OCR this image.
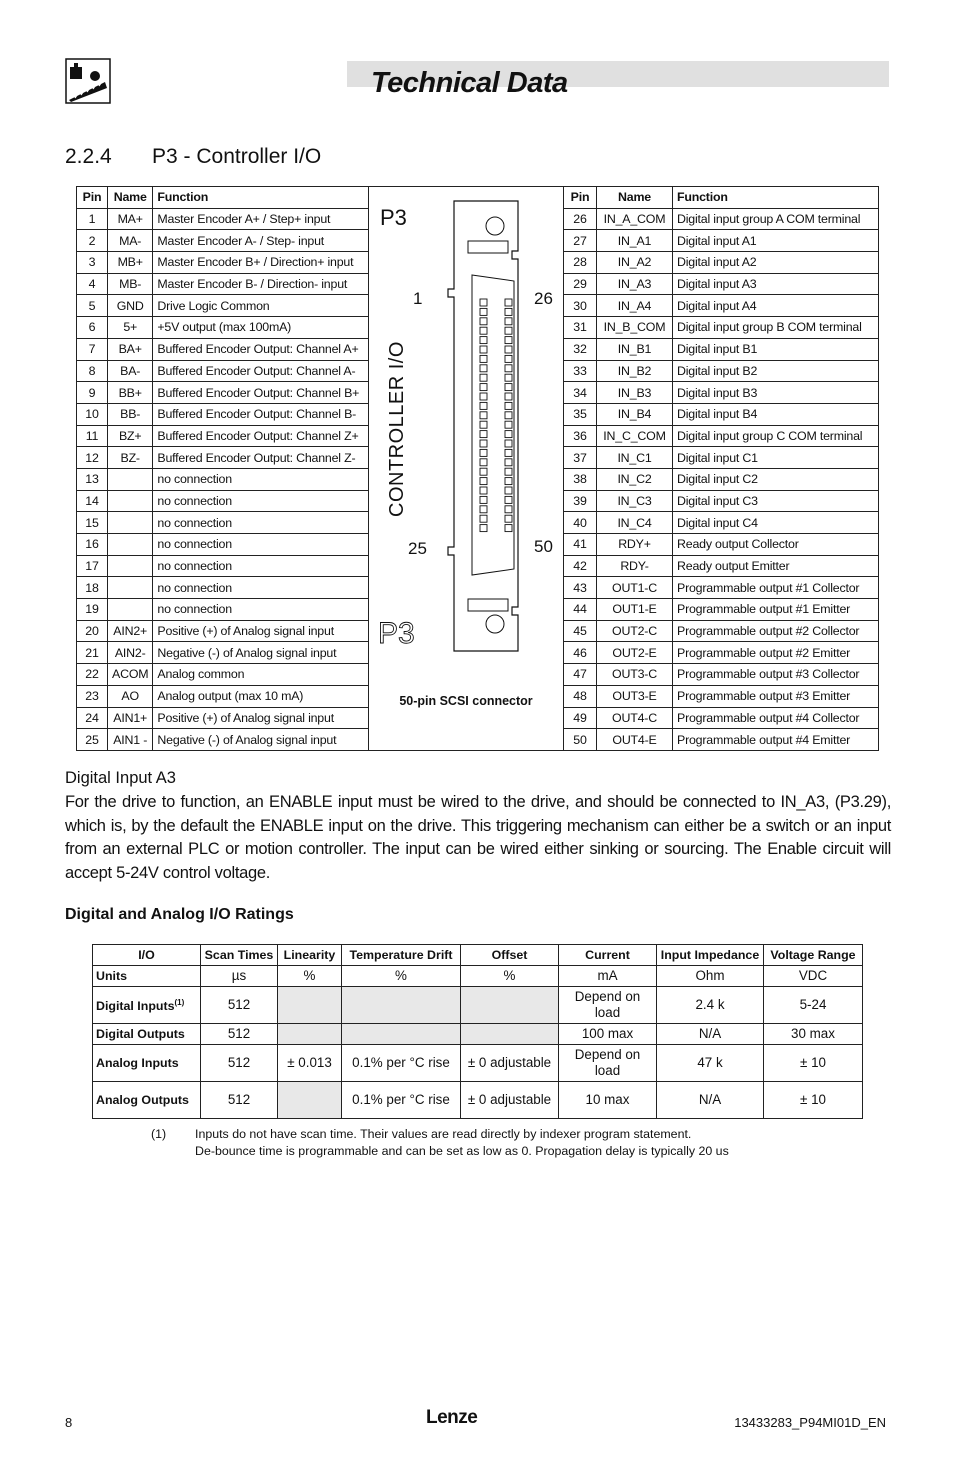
Technical Data
2.2.4 P3 - Controller I/O
Pin	Name	Function
1	MA+	Master Encoder A+ / Step+ input
2	MA-	Master Encoder A- / Step- input
3	MB+	Master Encoder B+ / Direction+ input
4	MB-	Master Encoder B- / Direction- input
5	GND	Drive Logic Common
6	5+	+5V output (max 100mA)
7	BA+	Buffered Encoder Output: Channel A+
8	BA-	Buffered Encoder Output: Channel A-
9	BB+	Buffered Encoder Output: Channel B+
10	BB-	Buffered Encoder Output: Channel B-
11	BZ+	Buffered Encoder Output: Channel Z+
12	BZ-	Buffered Encoder Output: Channel Z-
13		no connection
14		no connection
15		no connection
16		no connection
17		no connection
18		no connection
19		no connection
20	AIN2+	Positive (+) of Analog signal input
21	AIN2-	Negative (-) of Analog signal input
22	ACOM	Analog common
23	AO	Analog output (max 10 mA)
24	AIN1+	Positive (+) of Analog signal input
25	AIN1 -	Negative (-) of Analog signal input
P3
1	26
25	50
CONTROLLER I/O
P3
50-pin SCSI connector
Pin	Name	Function
26	IN_A_COM	Digital input group A COM terminal
27	IN_A1	Digital input A1
28	IN_A2	Digital input A2
29	IN_A3	Digital input A3
30	IN_A4	Digital input A4
31	IN_B_COM	Digital input group B COM terminal
32	IN_B1	Digital input B1
33	IN_B2	Digital input B2
34	IN_B3	Digital input B3
35	IN_B4	Digital input B4
36	IN_C_COM	Digital input group C COM terminal
37	IN_C1	Digital input C1
38	IN_C2	Digital input C2
39	IN_C3	Digital input C3
40	IN_C4	Digital input C4
41	RDY+	Ready output Collector
42	RDY-	Ready output Emitter
43	OUT1-C	Programmable output #1 Collector
44	OUT1-E	Programmable output #1 Emitter
45	OUT2-C	Programmable output #2 Collector
46	OUT2-E	Programmable output #2 Emitter
47	OUT3-C	Programmable output #3 Collector
48	OUT3-E	Programmable output #3 Emitter
49	OUT4-C	Programmable output #4 Collector
50	OUT4-E	Programmable output #4 Emitter
Digital Input A3
For the drive to function, an ENABLE input must be wired to the drive, and should be connected to IN_A3, (P3.29), which is, by the default the ENABLE input on the drive. This triggering mechanism can either be a switch or an input from an external PLC or motion controller. The input can be wired either sinking or sourcing. The Enable circuit will accept 5-24V control voltage.
Digital and Analog I/O Ratings
I/O	Scan Times	Linearity	Temperature Drift	Offset	Current	Input Impedance	Voltage Range
Units	µs	%	%	%	mA	Ohm	VDC
Digital Inputs$^{(1)}$	512				Depend on load	2.4 k	5-24
Digital Outputs	512				100 max	N/A	30 max
Analog Inputs	512	± 0.013	0.1% per °C rise	± 0 adjustable	Depend on load	47 k	± 10
Analog Outputs	512		0.1% per °C rise	± 0 adjustable	10 max	N/A	± 10
(1) Inputs do not have scan time. Their values are read directly by indexer program statement.
De-bounce time is programmable and can be set as low as 0. Propagation delay is typically 20 us
8	Lenze	13433283_P94MI01D_EN
